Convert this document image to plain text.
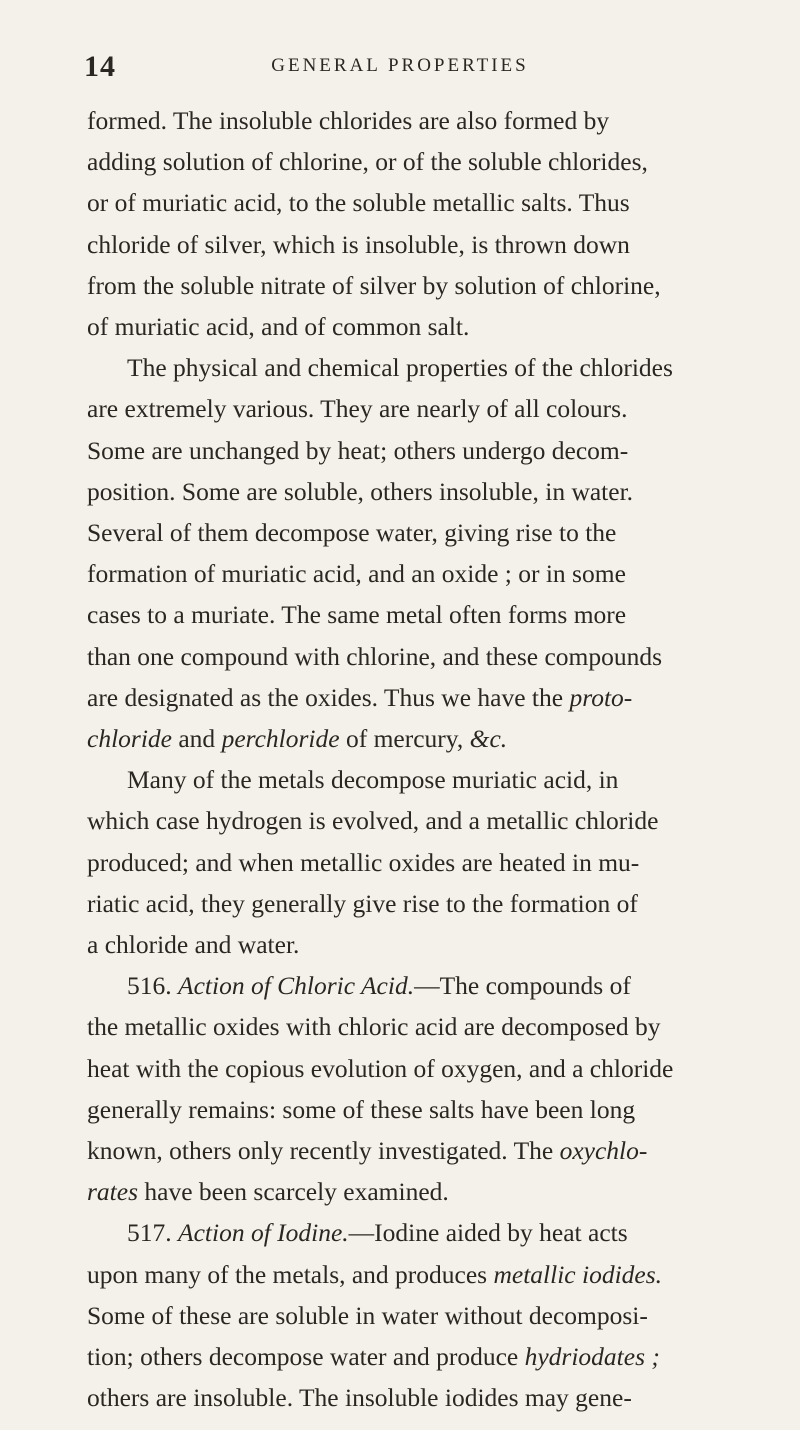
14	GENERAL PROPERTIES
formed. The insoluble chlorides are also formed by
adding solution of chlorine, or of the soluble chlorides,
or of muriatic acid, to the soluble metallic salts. Thus
chloride of silver, which is insoluble, is thrown down
from the soluble nitrate of silver by solution of chlorine,
of muriatic acid, and of common salt.
The physical and chemical properties of the chlorides
are extremely various. They are nearly of all colours.
Some are unchanged by heat; others undergo decom-
position. Some are soluble, others insoluble, in water.
Several of them decompose water, giving rise to the
formation of muriatic acid, and an oxide ; or in some
cases to a muriate. The same metal often forms more
than one compound with chlorine, and these compounds
are designated as the oxides. Thus we have the proto-
chloride and perchloride of mercury, &c.
Many of the metals decompose muriatic acid, in
which case hydrogen is evolved, and a metallic chloride
produced; and when metallic oxides are heated in mu-
riatic acid, they generally give rise to the formation of
a chloride and water.
516. Action of Chloric Acid.—The compounds of
the metallic oxides with chloric acid are decomposed by
heat with the copious evolution of oxygen, and a chloride
generally remains: some of these salts have been long
known, others only recently investigated. The oxychlo-
rates have been scarcely examined.
517. Action of Iodine.—Iodine aided by heat acts
upon many of the metals, and produces metallic iodides.
Some of these are soluble in water without decomposi-
tion; others decompose water and produce hydriodates ;
others are insoluble. The insoluble iodides may gene-
